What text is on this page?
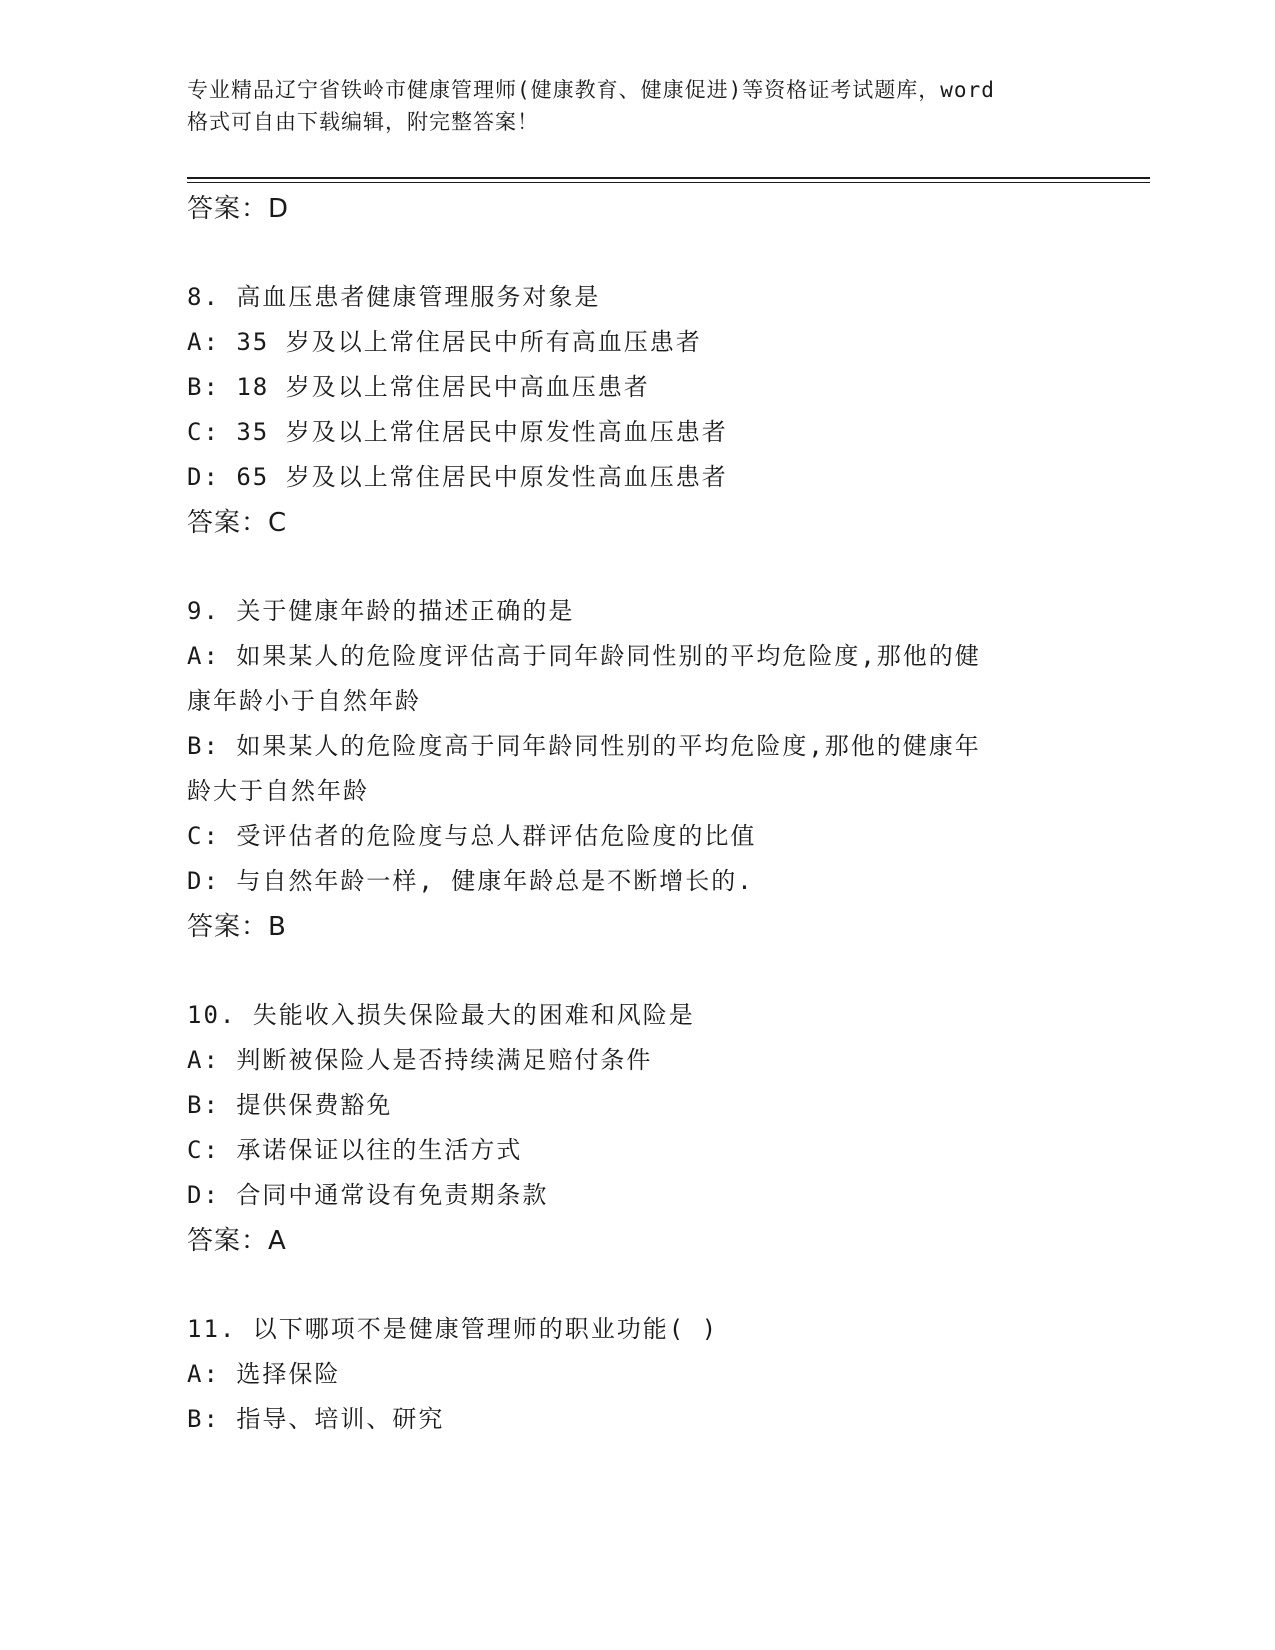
专业精品辽宁省铁岭市健康管理师(健康教育、健康促进)等资格证考试题库，word
格式可自由下载编辑，附完整答案！

答案：D

8. 高血压患者健康管理服务对象是

A: 35 岁及以上常住居民中所有高血压患者

B: 18 岁及以上常住居民中高血压患者

C: 35 岁及以上常住居民中原发性高血压患者

D: 65 岁及以上常住居民中原发性高血压患者

答案：C

9. 关于健康年龄的描述正确的是

A: 如果某人的危险度评估高于同年龄同性别的平均危险度,那他的健

康年龄小于自然年龄

B: 如果某人的危险度高于同年龄同性别的平均危险度,那他的健康年

龄大于自然年龄

C: 受评估者的危险度与总人群评估危险度的比值

D: 与自然年龄一样, 健康年龄总是不断增长的.

答案：B

10. 失能收入损失保险最大的困难和风险是

A: 判断被保险人是否持续满足赔付条件

B: 提供保费豁免

C: 承诺保证以往的生活方式

D: 合同中通常设有免责期条款

答案：A

11. 以下哪项不是健康管理师的职业功能( )

A: 选择保险

B: 指导、培训、研究
